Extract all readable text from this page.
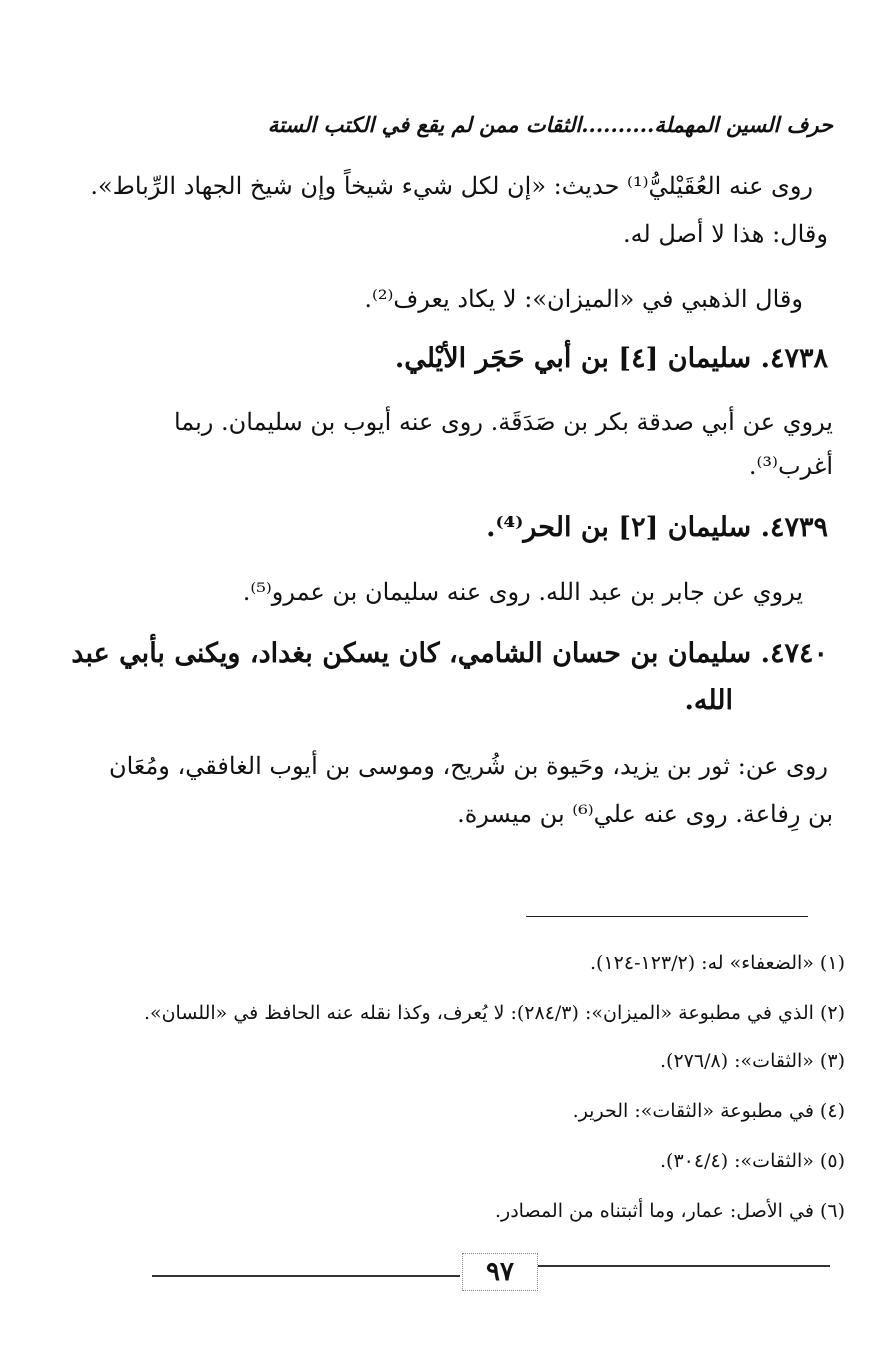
حرف السين المهملة..........الثقات ممن لم يقع في الكتب الستة
روى عنه العُقَيْليُّ⁽¹⁾ حديث: «إن لكل شيء شيخاً وإن شيخ الجهاد الرِّباط».
وقال: هذا لا أصل له.
وقال الذهبي في «الميزان»: لا يكاد يعرف⁽²⁾.
٤٧٣٨. سليمان [٤] بن أبي حَجَر الأيْلي.
يروي عن أبي صدقة بكر بن صَدَقَة. روى عنه أيوب بن سليمان. ربما
أغرب⁽³⁾.
٤٧٣٩. سليمان [٢] بن الحر⁽⁴⁾.
يروي عن جابر بن عبد الله. روى عنه سليمان بن عمرو⁽⁵⁾.
٤٧٤٠. سليمان بن حسان الشامي، كان يسكن بغداد، ويكنى بأبي عبد
الله.
روى عن: ثور بن يزيد، وحَيوة بن شُريح، وموسى بن أيوب الغافقي، ومُعَان
بن رِفاعة. روى عنه علي⁽⁶⁾ بن ميسرة.
(١) «الضعفاء» له: (١٢٣/٢-١٢٤).
(٢) الذي في مطبوعة «الميزان»: (٢٨٤/٣): لا يُعرف، وكذا نقله عنه الحافظ في «اللسان».
(٣) «الثقات»: (٢٧٦/٨).
(٤) في مطبوعة «الثقات»: الحرير.
(٥) «الثقات»: (٣٠٤/٤).
(٦) في الأصل: عمار، وما أثبتناه من المصادر.
٩٧
